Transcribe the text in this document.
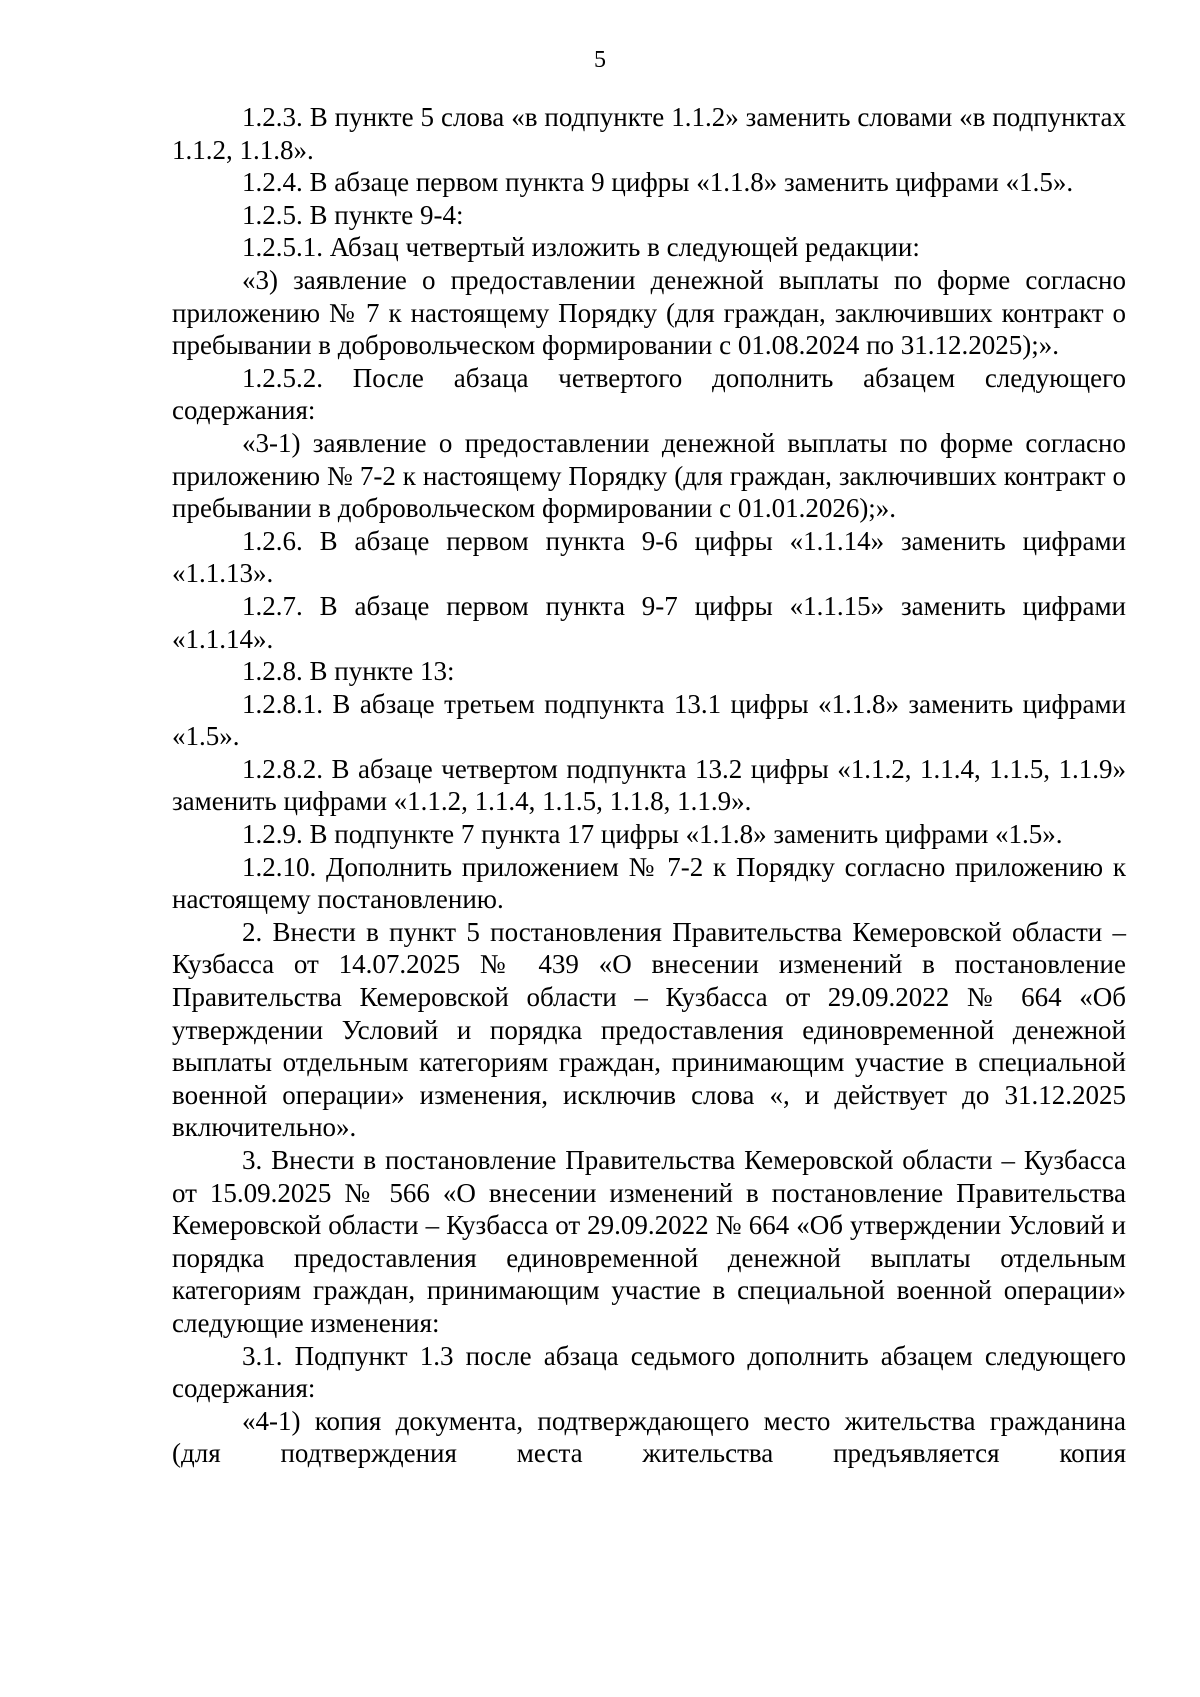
5

1.2.3. В пункте 5 слова «в подпункте 1.1.2» заменить словами «в подпунктах 1.1.2, 1.1.8».

1.2.4. В абзаце первом пункта 9 цифры «1.1.8» заменить цифрами «1.5».

1.2.5. В пункте 9-4:

1.2.5.1. Абзац четвертый изложить в следующей редакции:

«3) заявление о предоставлении денежной выплаты по форме согласно приложению № 7 к настоящему Порядку (для граждан, заключивших контракт о пребывании в добровольческом формировании с 01.08.2024 по 31.12.2025);».

1.2.5.2. После абзаца четвертого дополнить абзацем следующего содержания:

«3-1) заявление о предоставлении денежной выплаты по форме согласно приложению № 7-2 к настоящему Порядку (для граждан, заключивших контракт о пребывании в добровольческом формировании с 01.01.2026);».

1.2.6. В абзаце первом пункта 9-6 цифры «1.1.14» заменить цифрами «1.1.13».

1.2.7. В абзаце первом пункта 9-7 цифры «1.1.15» заменить цифрами «1.1.14».

1.2.8. В пункте 13:

1.2.8.1. В абзаце третьем подпункта 13.1 цифры «1.1.8» заменить цифрами «1.5».

1.2.8.2. В абзаце четвертом подпункта 13.2 цифры «1.1.2, 1.1.4, 1.1.5, 1.1.9» заменить цифрами «1.1.2, 1.1.4, 1.1.5, 1.1.8, 1.1.9».

1.2.9. В подпункте 7 пункта 17 цифры «1.1.8» заменить цифрами «1.5».

1.2.10. Дополнить приложением № 7-2 к Порядку согласно приложению к настоящему постановлению.

2. Внести в пункт 5 постановления Правительства Кемеровской области – Кузбасса от 14.07.2025 № 439 «О внесении изменений в постановление Правительства Кемеровской области – Кузбасса от 29.09.2022 № 664 «Об утверждении Условий и порядка предоставления единовременной денежной выплаты отдельным категориям граждан, принимающим участие в специальной военной операции» изменения, исключив слова «, и действует до 31.12.2025 включительно».

3. Внести в постановление Правительства Кемеровской области – Кузбасса от 15.09.2025 № 566 «О внесении изменений в постановление Правительства Кемеровской области – Кузбасса от 29.09.2022 № 664 «Об утверждении Условий и порядка предоставления единовременной денежной выплаты отдельным категориям граждан, принимающим участие в специальной военной операции» следующие изменения:

3.1. Подпункт 1.3 после абзаца седьмого дополнить абзацем следующего содержания:

«4-1) копия документа, подтверждающего место жительства гражданина (для подтверждения места жительства предъявляется копия
